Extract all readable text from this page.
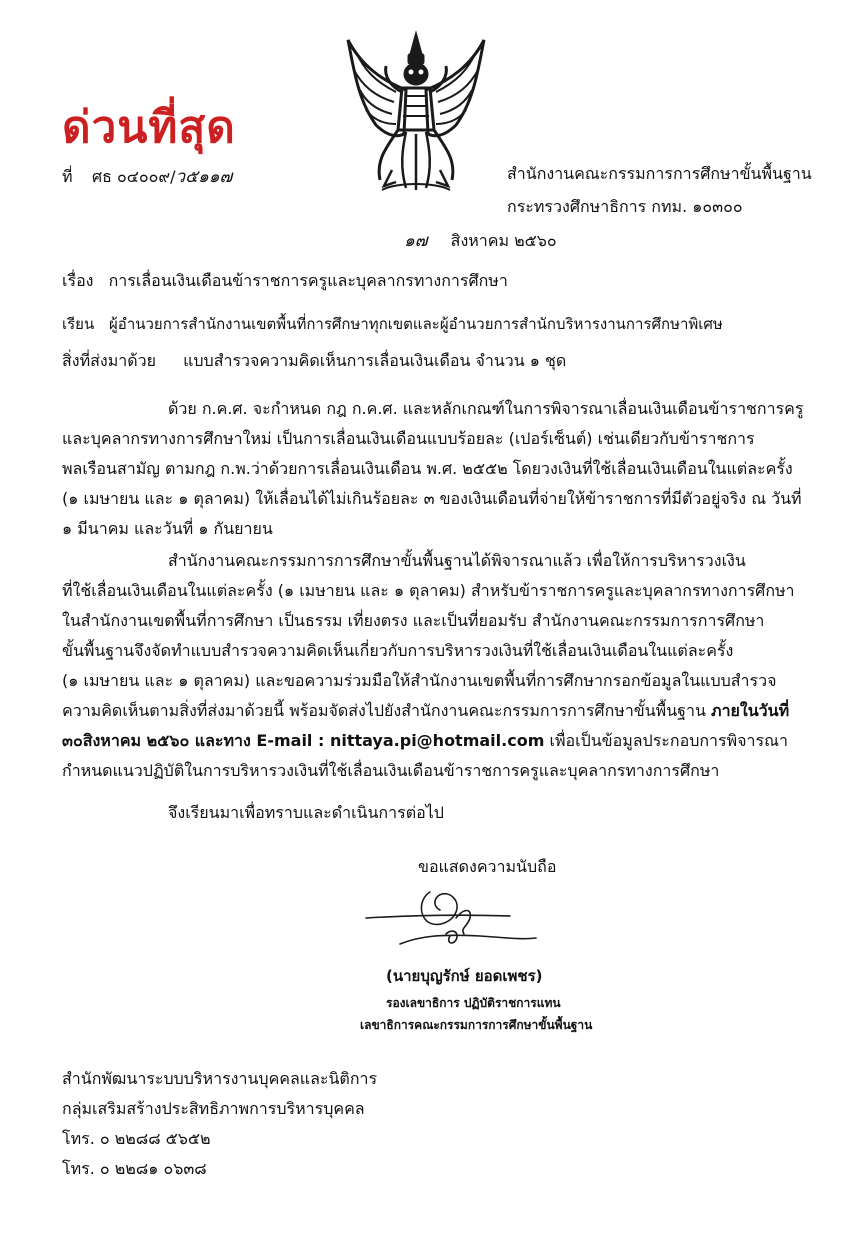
ด่วนที่สุด
ที่ ศธ ๐๔๐๐๙/ว๕๑๑๗	สำนักงานคณะกรรมการการศึกษาขั้นพื้นฐาน
กระทรวงศึกษาธิการ กทม. ๑๐๓๐๐
๑๗ สิงหาคม ๒๕๖๐
เรื่อง การเลื่อนเงินเดือนข้าราชการครูและบุคลากรทางการศึกษา
เรียน ผู้อำนวยการสำนักงานเขตพื้นที่การศึกษาทุกเขตและผู้อำนวยการสำนักบริหารงานการศึกษาพิเศษ
สิ่งที่ส่งมาด้วย แบบสำรวจความคิดเห็นการเลื่อนเงินเดือน จำนวน ๑ ชุด
ด้วย ก.ค.ศ. จะกำหนด กฎ ก.ค.ศ. และหลักเกณฑ์ในการพิจารณาเลื่อนเงินเดือนข้าราชการครู
และบุคลากรทางการศึกษาใหม่ เป็นการเลื่อนเงินเดือนแบบร้อยละ (เปอร์เซ็นต์) เช่นเดียวกับข้าราชการ
พลเรือนสามัญ ตามกฎ ก.พ.ว่าด้วยการเลื่อนเงินเดือน พ.ศ. ๒๕๕๒ โดยวงเงินที่ใช้เลื่อนเงินเดือนในแต่ละครั้ง
(๑ เมษายน และ ๑ ตุลาคม) ให้เลื่อนได้ไม่เกินร้อยละ ๓ ของเงินเดือนที่จ่ายให้ข้าราชการที่มีตัวอยู่จริง ณ วันที่
๑ มีนาคม และวันที่ ๑ กันยายน
สำนักงานคณะกรรมการการศึกษาขั้นพื้นฐานได้พิจารณาแล้ว เพื่อให้การบริหารวงเงิน
ที่ใช้เลื่อนเงินเดือนในแต่ละครั้ง (๑ เมษายน และ ๑ ตุลาคม) สำหรับข้าราชการครูและบุคลากรทางการศึกษา
ในสำนักงานเขตพื้นที่การศึกษา เป็นธรรม เที่ยงตรง และเป็นที่ยอมรับ สำนักงานคณะกรรมการการศึกษา
ขั้นพื้นฐานจึงจัดทำแบบสำรวจความคิดเห็นเกี่ยวกับการบริหารวงเงินที่ใช้เลื่อนเงินเดือนในแต่ละครั้ง
(๑ เมษายน และ ๑ ตุลาคม) และขอความร่วมมือให้สำนักงานเขตพื้นที่การศึกษากรอกข้อมูลในแบบสำรวจ
ความคิดเห็นตามสิ่งที่ส่งมาด้วยนี้ พร้อมจัดส่งไปยังสำนักงานคณะกรรมการการศึกษาขั้นพื้นฐาน ภายในวันที่
๓๐สิงหาคม ๒๕๖๐ และทาง E-mail : nittaya.pi@hotmail.com เพื่อเป็นข้อมูลประกอบการพิจารณา
กำหนดแนวปฏิบัติในการบริหารวงเงินที่ใช้เลื่อนเงินเดือนข้าราชการครูและบุคลากรทางการศึกษา
จึงเรียนมาเพื่อทราบและดำเนินการต่อไป
ขอแสดงความนับถือ
(นายบุญรักษ์ ยอดเพชร)
รองเลขาธิการ ปฏิบัติราชการแทน
เลขาธิการคณะกรรมการการศึกษาขั้นพื้นฐาน
สำนักพัฒนาระบบบริหารงานบุคคลและนิติการ
กลุ่มเสริมสร้างประสิทธิภาพการบริหารบุคคล
โทร. ๐ ๒๒๘๘ ๕๖๕๒
โทร. ๐ ๒๒๘๑ ๐๖๓๘
